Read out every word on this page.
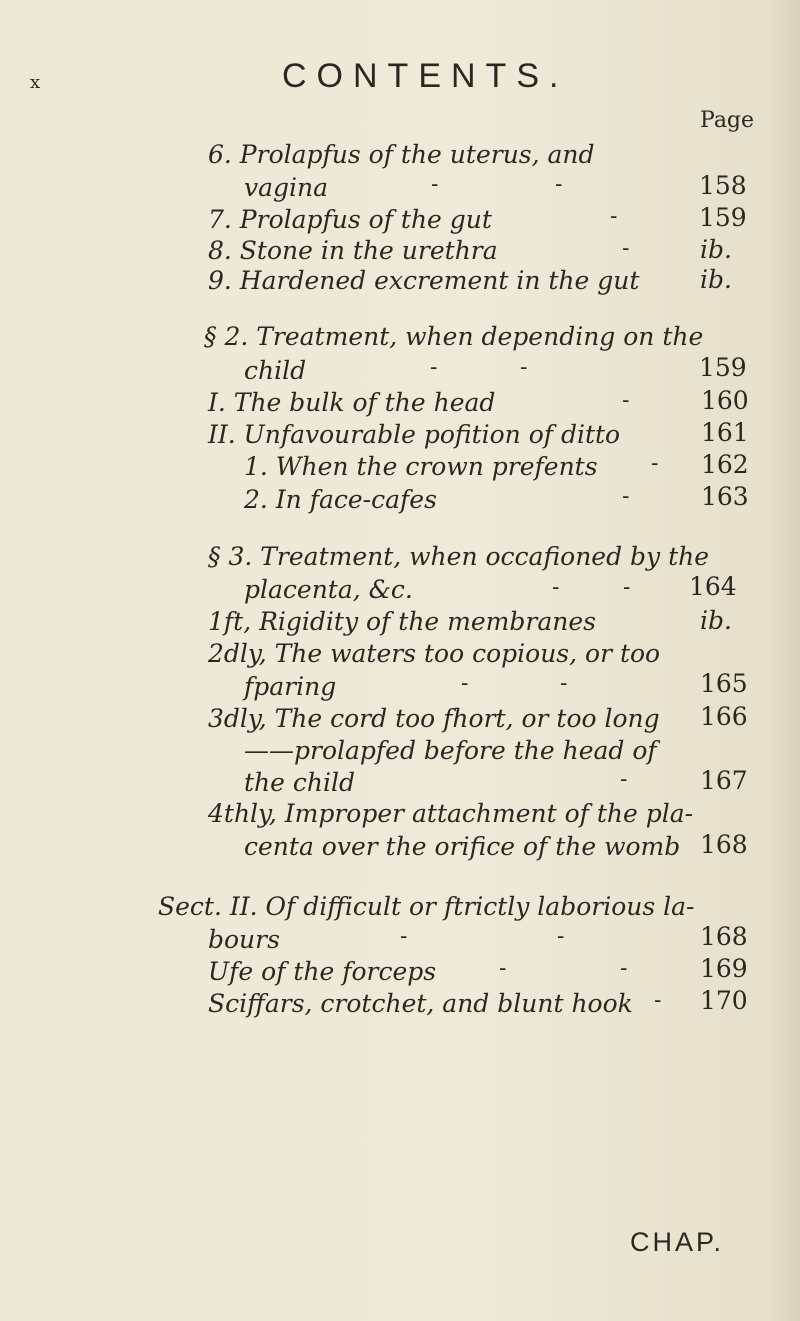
x	CONTENTS.
Page
6. Prolapfus of the uterus, and
vagina	-	-	158
7. Prolapfus of the gut	-	159
8. Stone in the urethra	-	ib.
9. Hardened excrement in the gut ib.
§ 2. Treatment, when depending on the
child	-	-	159
I. The bulk of the head	-	160
II. Unfavourable pofition of ditto	161
1. When the crown prefents - 162
2. In face-cafes	-	163
§ 3. Treatment, when occafioned by the
placenta, &c.	-	- 164
1ft, Rigidity of the membranes	ib.
2dly, The waters too copious, or too
fparing	-	-	165
3dly, The cord too fhort, or too long 166
——prolapfed before the head of
the child	-	167
4thly, Improper attachment of the pla-
centa over the orifice of the womb 168
Sect. II. Of difficult or ftrictly laborious la-
bours	-	-	168
Ufe of the forceps	-	-	169
Sciffars, crotchet, and blunt hook - 170
CHAP.
